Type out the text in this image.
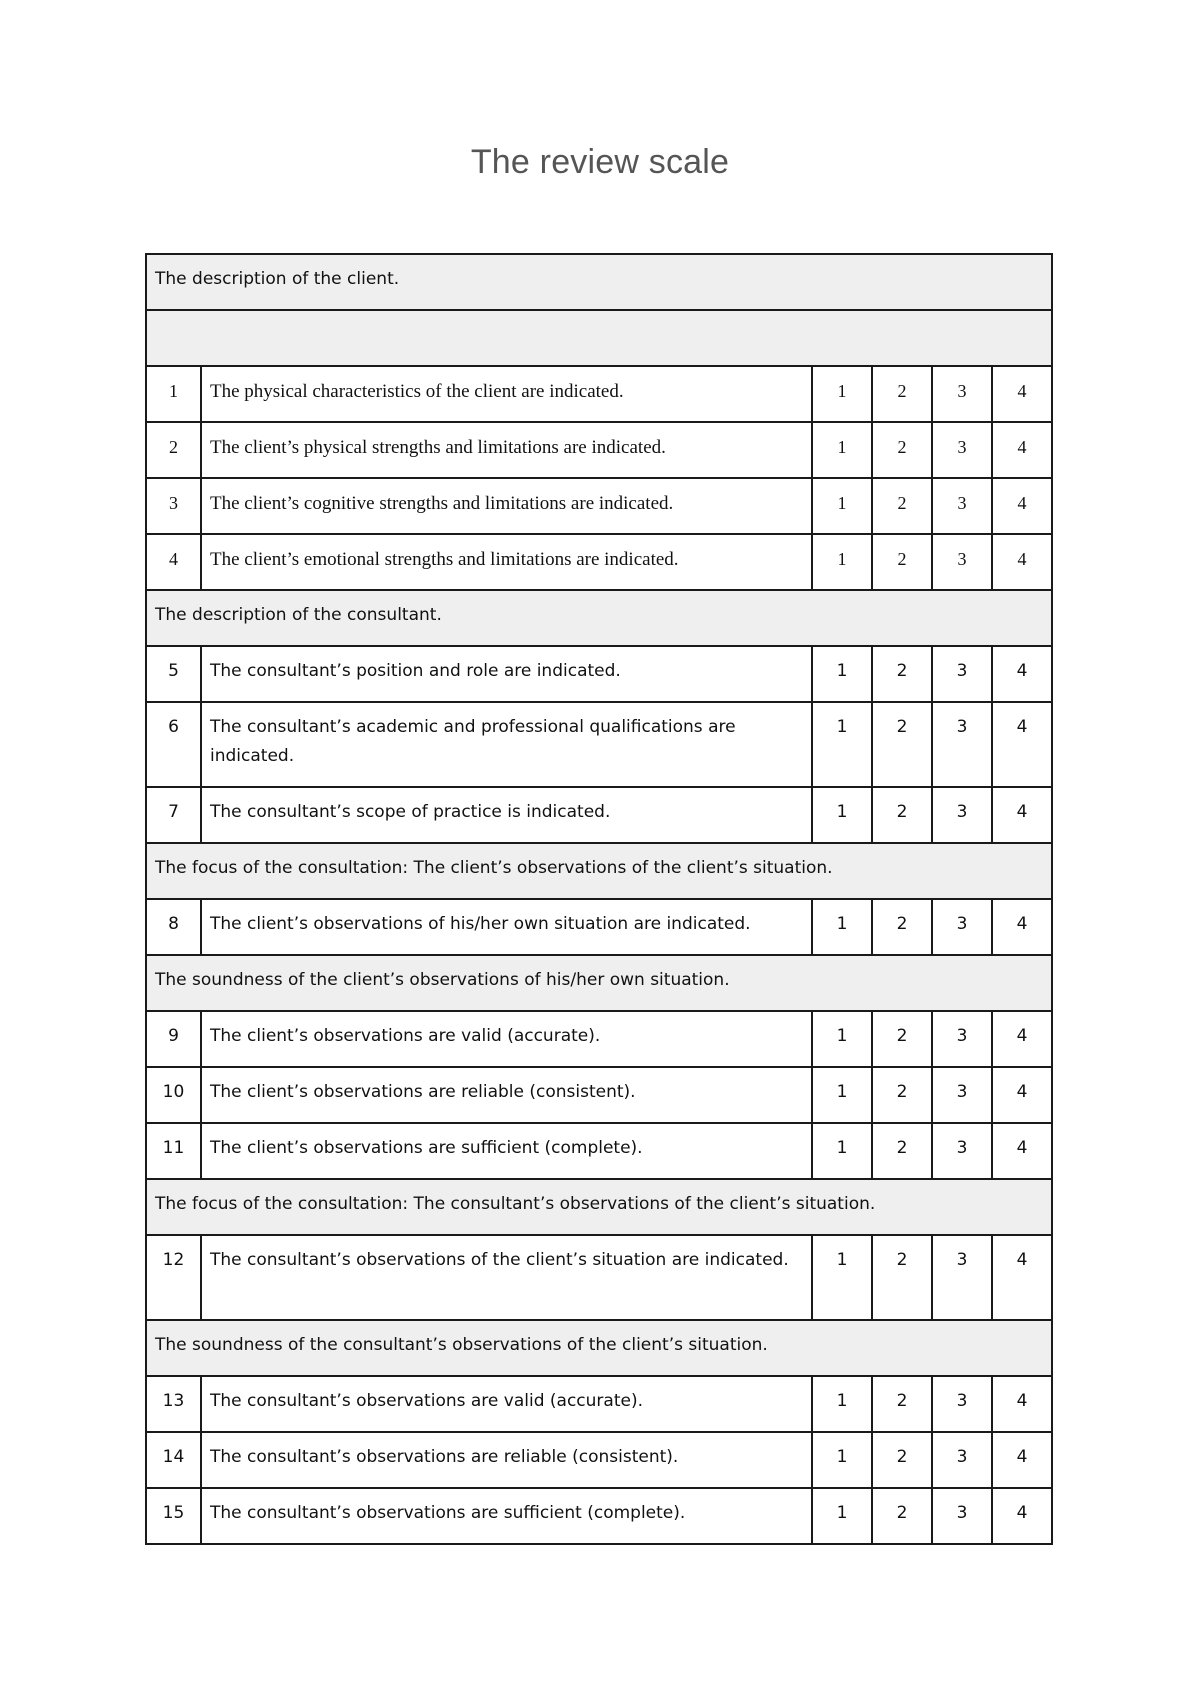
The review scale
The description of the client.					

1	The physical characteristics of the client are indicated.	1	2	3	4
2	The client’s physical strengths and limitations are indicated.	1	2	3	4
3	The client’s cognitive strengths and limitations are indicated.	1	2	3	4
4	The client’s emotional strengths and limitations are indicated.	1	2	3	4
The description of the consultant.					
5	The consultant’s position and role are indicated.	1	2	3	4
6	The consultant’s academic and professional qualifications are indicated.	1	2	3	4
7	The consultant’s scope of practice is indicated.	1	2	3	4
The focus of the consultation: The client’s observations of the client’s situation.					
8	The client’s observations of his/her own situation are indicated.	1	2	3	4
The soundness of the client’s observations of his/her own situation.					
9	The client’s observations are valid (accurate).	1	2	3	4
10	The client’s observations are reliable (consistent).	1	2	3	4
11	The client’s observations are sufficient (complete).	1	2	3	4
The focus of the consultation: The consultant’s observations of the client’s situation.					
12	The consultant’s observations of the client’s situation are indicated.	1	2	3	4
The soundness of the consultant’s observations of the client’s situation.					
13	The consultant’s observations are valid (accurate).	1	2	3	4
14	The consultant’s observations are reliable (consistent).	1	2	3	4
15	The consultant’s observations are sufficient (complete).	1	2	3	4
